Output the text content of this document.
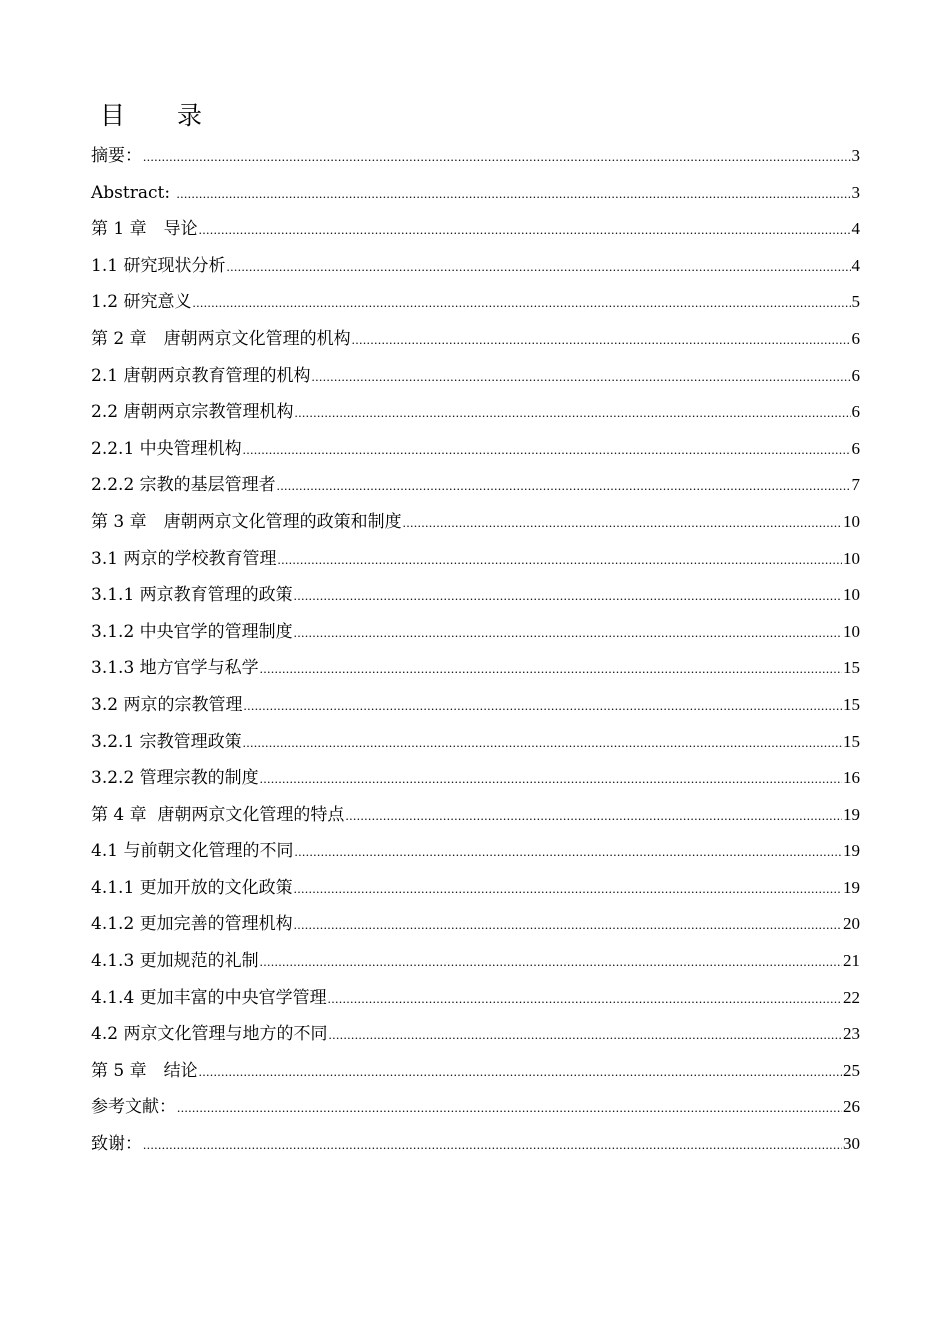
目 录
摘要： .....	3
Abstract: .....	3
第 1 章　导论 .....	4
1.1 研究现状分析 .....	4
1.2 研究意义 .....	5
第 2 章　唐朝两京文化管理的机构 .....	6
2.1 唐朝两京教育管理的机构 .....	6
2.2 唐朝两京宗教管理机构 .....	6
2.2.1 中央管理机构 .....	6
2.2.2 宗教的基层管理者 .....	7
第 3 章　唐朝两京文化管理的政策和制度 .....	10
3.1 两京的学校教育管理 .....	10
3.1.1 两京教育管理的政策 .....	10
3.1.2 中央官学的管理制度 .....	10
3.1.3 地方官学与私学 .....	15
3.2 两京的宗教管理 .....	15
3.2.1 宗教管理政策 .....	15
3.2.2 管理宗教的制度 .....	16
第 4 章  唐朝两京文化管理的特点 .....	19
4.1 与前朝文化管理的不同 .....	19
4.1.1 更加开放的文化政策 .....	19
4.1.2 更加完善的管理机构 .....	20
4.1.3 更加规范的礼制 .....	21
4.1.4 更加丰富的中央官学管理 .....	22
4.2 两京文化管理与地方的不同 .....	23
第 5 章　结论 .....	25
参考文献： .....	26
致谢： .....	30
